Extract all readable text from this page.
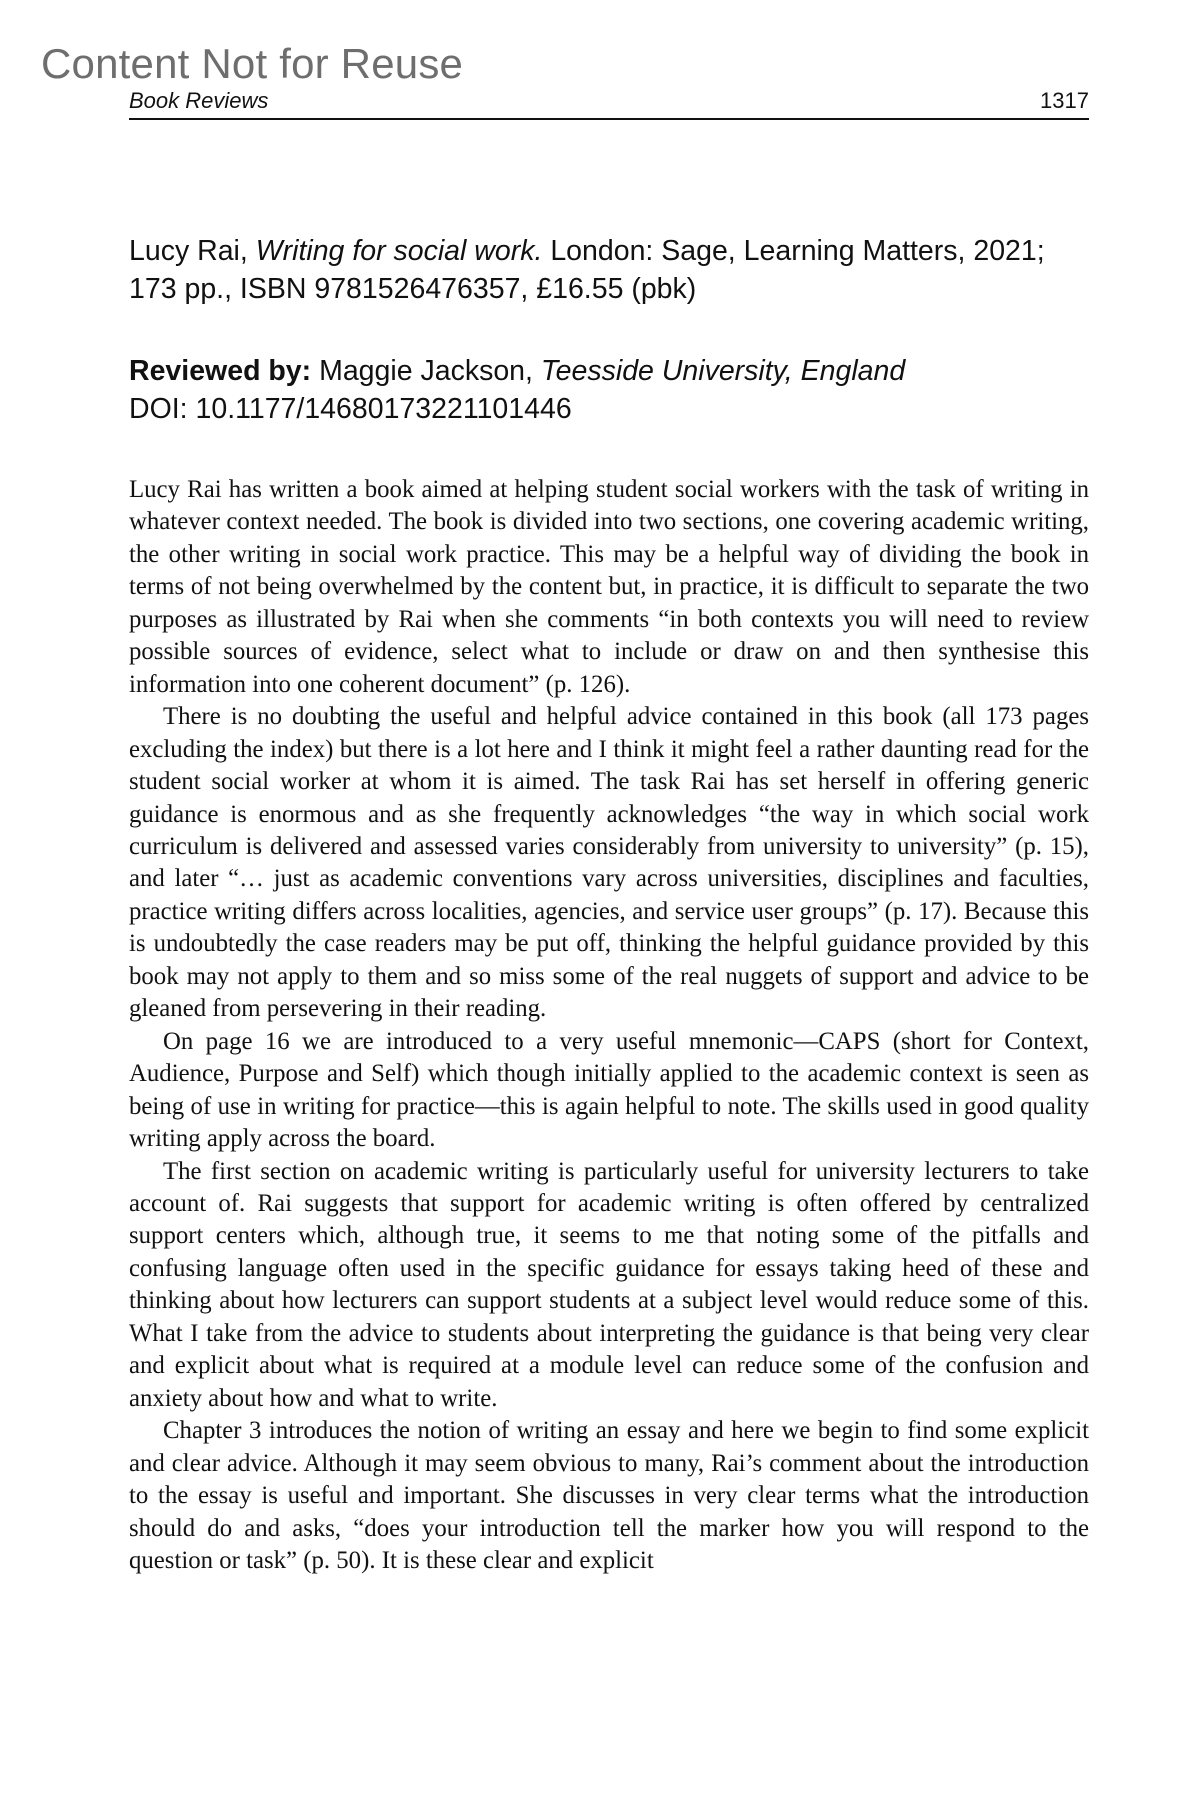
Content Not for Reuse
Book Reviews	1317

Lucy Rai, Writing for social work. London: Sage, Learning Matters, 2021; 173 pp., ISBN 9781526476357, £16.55 (pbk)

Reviewed by: Maggie Jackson, Teesside University, England
DOI: 10.1177/14680173221101446

Lucy Rai has written a book aimed at helping student social workers with the task of writing in whatever context needed. The book is divided into two sections, one covering academic writing, the other writing in social work practice. This may be a helpful way of dividing the book in terms of not being overwhelmed by the content but, in practice, it is difficult to separate the two purposes as illustrated by Rai when she comments “in both contexts you will need to review possible sources of evidence, select what to include or draw on and then synthesise this information into one coherent document” (p. 126).

There is no doubting the useful and helpful advice contained in this book (all 173 pages excluding the index) but there is a lot here and I think it might feel a rather daunting read for the student social worker at whom it is aimed. The task Rai has set herself in offering generic guidance is enormous and as she frequently acknowledges “the way in which social work curriculum is delivered and assessed varies considerably from university to university” (p. 15), and later “… just as academic conventions vary across universities, disciplines and faculties, practice writing differs across localities, agencies, and service user groups” (p. 17). Because this is undoubtedly the case readers may be put off, thinking the helpful guidance provided by this book may not apply to them and so miss some of the real nuggets of support and advice to be gleaned from persevering in their reading.

On page 16 we are introduced to a very useful mnemonic—CAPS (short for Context, Audience, Purpose and Self) which though initially applied to the academic context is seen as being of use in writing for practice—this is again helpful to note. The skills used in good quality writing apply across the board.

The first section on academic writing is particularly useful for university lecturers to take account of. Rai suggests that support for academic writing is often offered by centralized support centers which, although true, it seems to me that noting some of the pitfalls and confusing language often used in the specific guidance for essays taking heed of these and thinking about how lecturers can support students at a subject level would reduce some of this. What I take from the advice to students about interpreting the guidance is that being very clear and explicit about what is required at a module level can reduce some of the confusion and anxiety about how and what to write.

Chapter 3 introduces the notion of writing an essay and here we begin to find some explicit and clear advice. Although it may seem obvious to many, Rai’s comment about the introduction to the essay is useful and important. She discusses in very clear terms what the introduction should do and asks, “does your introduction tell the marker how you will respond to the question or task” (p. 50). It is these clear and explicit
